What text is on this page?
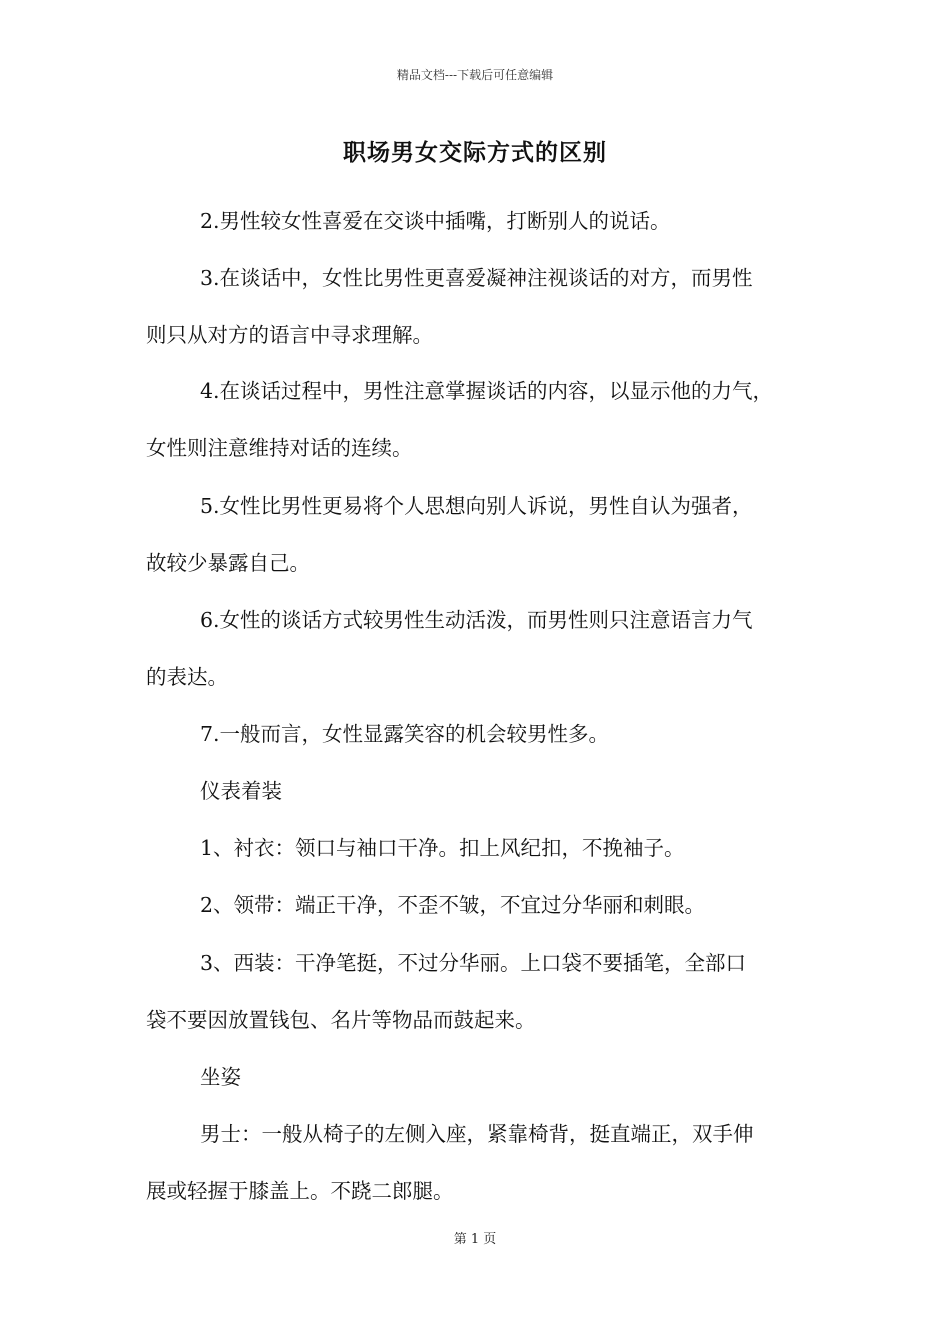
精品文档---下载后可任意编辑
职场男女交际方式的区别
2.男性较女性喜爱在交谈中插嘴，打断别人的说话。
3.在谈话中，女性比男性更喜爱凝神注视谈话的对方，而男性
则只从对方的语言中寻求理解。
4.在谈话过程中，男性注意掌握谈话的内容，以显示他的力气，
女性则注意维持对话的连续。
5.女性比男性更易将个人思想向别人诉说，男性自认为强者，
故较少暴露自己。
6.女性的谈话方式较男性生动活泼，而男性则只注意语言力气
的表达。
7.一般而言，女性显露笑容的机会较男性多。
仪表着装
1、衬衣：领口与袖口干净。扣上风纪扣，不挽袖子。
2、领带：端正干净，不歪不皱，不宜过分华丽和刺眼。
3、西装：干净笔挺，不过分华丽。上口袋不要插笔，全部口
袋不要因放置钱包、名片等物品而鼓起来。
坐姿
男士：一般从椅子的左侧入座，紧靠椅背，挺直端正，双手伸
展或轻握于膝盖上。不跷二郎腿。
第 1 页
